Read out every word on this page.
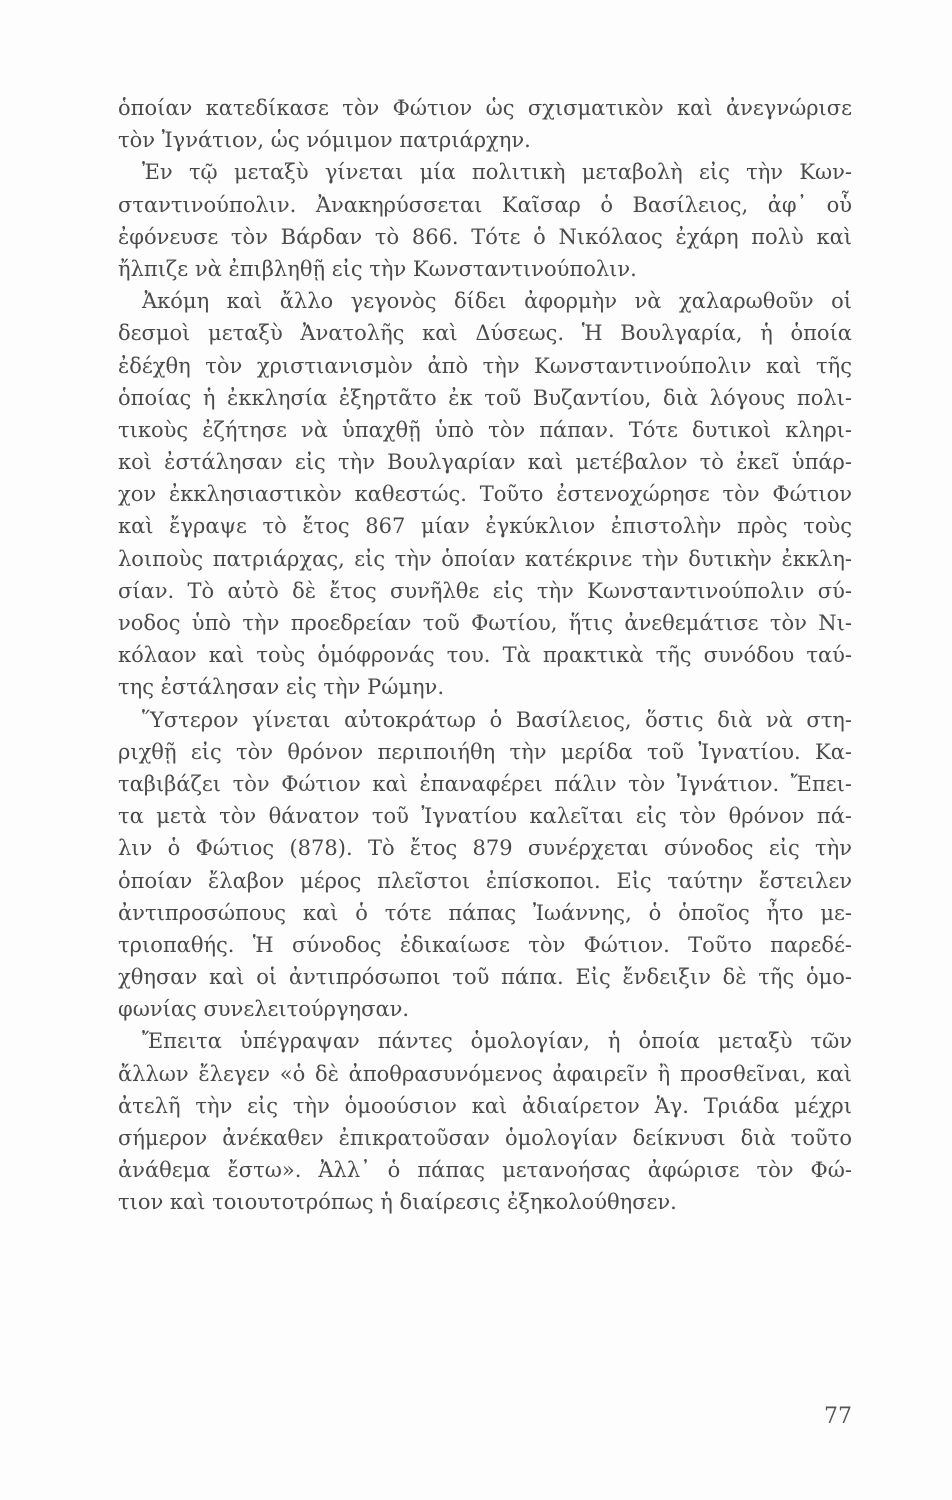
ὁποίαν κατεδίκασε τὸν Φώτιον ὡς σχισματικὸν καὶ ἀνεγνώρισε
τὸν Ἰγνάτιον, ὡς νόμιμον πατριάρχην.
Ἐν τῷ μεταξὺ γίνεται μία πολιτικὴ μεταβολὴ εἰς τὴν Κων-
σταντινούπολιν. Ἀνακηρύσσεται Καῖσαρ ὁ Βασίλειος, ἀφ᾽ οὗ
ἐφόνευσε τὸν Βάρδαν τὸ 866. Τότε ὁ Νικόλαος ἐχάρη πολὺ καὶ
ἤλπιζε νὰ ἐπιβληθῇ εἰς τὴν Κωνσταντινούπολιν.
Ἀκόμη καὶ ἄλλο γεγονὸς δίδει ἀφορμὴν νὰ χαλαρωθοῦν οἱ
δεσμοὶ μεταξὺ Ἀνατολῆς καὶ Δύσεως. Ἡ Βουλγαρία, ἡ ὁποία
ἐδέχθη τὸν χριστιανισμὸν ἀπὸ τὴν Κωνσταντινούπολιν καὶ τῆς
ὁποίας ἡ ἐκκλησία ἐξηρτᾶτο ἐκ τοῦ Βυζαντίου, διὰ λόγους πολι-
τικοὺς ἐζήτησε νὰ ὑπαχθῇ ὑπὸ τὸν πάπαν. Τότε δυτικοὶ κληρι-
κοὶ ἐστάλησαν εἰς τὴν Βουλγαρίαν καὶ μετέβαλον τὸ ἐκεῖ ὑπάρ-
χον ἐκκλησιαστικὸν καθεστώς. Τοῦτο ἐστενοχώρησε τὸν Φώτιον
καὶ ἔγραψε τὸ ἔτος 867 μίαν ἐγκύκλιον ἐπιστολὴν πρὸς τοὺς
λοιποὺς πατριάρχας, εἰς τὴν ὁποίαν κατέκρινε τὴν δυτικὴν ἐκκλη-
σίαν. Τὸ αὐτὸ δὲ ἔτος συνῆλθε εἰς τὴν Κωνσταντινούπολιν σύ-
νοδος ὑπὸ τὴν προεδρείαν τοῦ Φωτίου, ἥτις ἀνεθεμάτισε τὸν Νι-
κόλαον καὶ τοὺς ὁμόφρονάς του. Τὰ πρακτικὰ τῆς συνόδου ταύ-
της ἐστάλησαν εἰς τὴν Ρώμην.
Ὕστερον γίνεται αὐτοκράτωρ ὁ Βασίλειος, ὅστις διὰ νὰ στη-
ριχθῇ εἰς τὸν θρόνον περιποιήθη τὴν μερίδα τοῦ Ἰγνατίου. Κα-
ταβιβάζει τὸν Φώτιον καὶ ἐπαναφέρει πάλιν τὸν Ἰγνάτιον. Ἔπει-
τα μετὰ τὸν θάνατον τοῦ Ἰγνατίου καλεῖται εἰς τὸν θρόνον πά-
λιν ὁ Φώτιος (878). Τὸ ἔτος 879 συνέρχεται σύνοδος εἰς τὴν
ὁποίαν ἔλαβον μέρος πλεῖστοι ἐπίσκοποι. Εἰς ταύτην ἔστειλεν
ἀντιπροσώπους καὶ ὁ τότε πάπας Ἰωάννης, ὁ ὁποῖος ἦτο με-
τριοπαθής. Ἡ σύνοδος ἐδικαίωσε τὸν Φώτιον. Τοῦτο παρεδέ-
χθησαν καὶ οἱ ἀντιπρόσωποι τοῦ πάπα. Εἰς ἔνδειξιν δὲ τῆς ὁμο-
φωνίας συνελειτούργησαν.
Ἔπειτα ὑπέγραψαν πάντες ὁμολογίαν, ἡ ὁποία μεταξὺ τῶν
ἄλλων ἔλεγεν «ὁ δὲ ἀποθρασυνόμενος ἀφαιρεῖν ἢ προσθεῖναι, καὶ
ἀτελῆ τὴν εἰς τὴν ὁμοούσιον καὶ ἀδιαίρετον Ἁγ. Τριάδα μέχρι
σήμερον ἀνέκαθεν ἐπικρατοῦσαν ὁμολογίαν δείκνυσι διὰ τοῦτο
ἀνάθεμα ἔστω». Ἀλλ᾽ ὁ πάπας μετανοήσας ἀφώρισε τὸν Φώ-
τιον καὶ τοιουτοτρόπως ἡ διαίρεσις ἐξηκολούθησεν.
77
